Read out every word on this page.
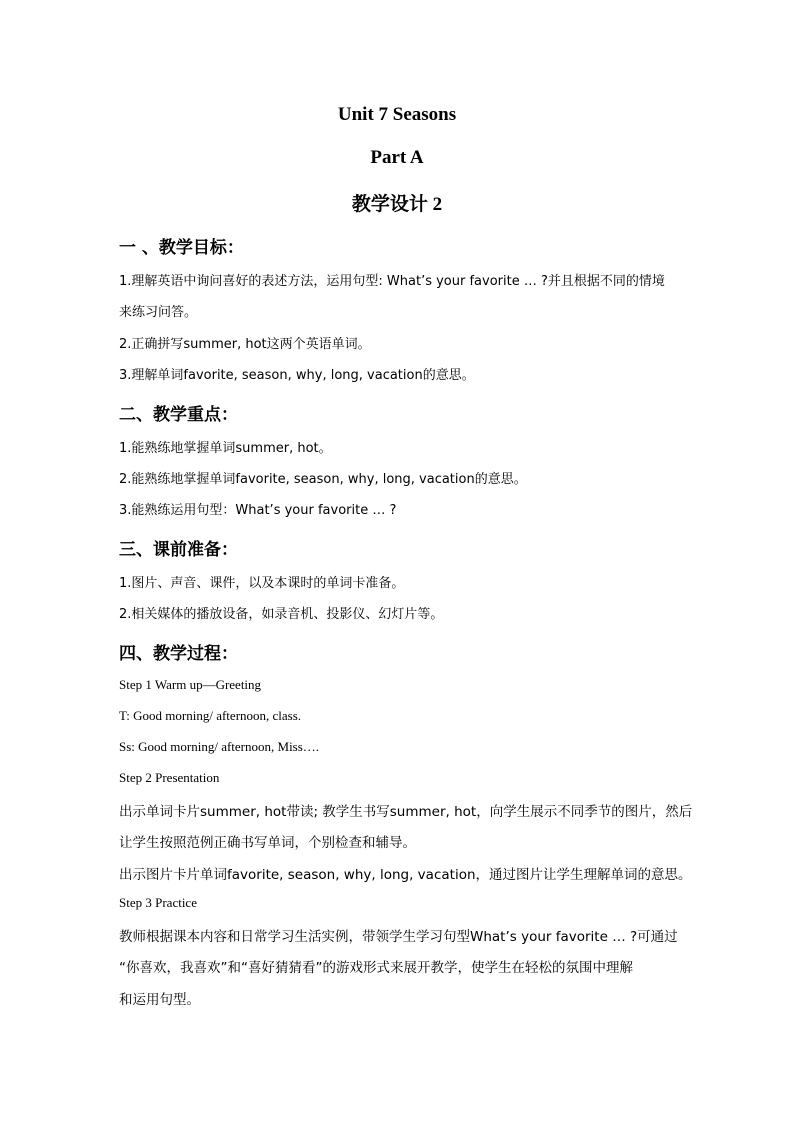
Unit 7 Seasons
Part A
教学设计 2
一 、教学目标：
1.理解英语中询问喜好的表述方法，运用句型: What’s your favorite … ?并且根据不同的情境
来练习问答。
2.正确拼写summer, hot这两个英语单词。
3.理解单词favorite, season, why, long, vacation的意思。
二、教学重点：
1.能熟练地掌握单词summer, hot。
2.能熟练地掌握单词favorite, season, why, long, vacation的意思。
3.能熟练运用句型：What’s your favorite … ?
三、课前准备：
1.图片、声音、课件，以及本课时的单词卡准备。
2.相关媒体的播放设备，如录音机、投影仪、幻灯片等。
四、教学过程：
Step 1 Warm up—Greeting
T: Good morning/ afternoon, class.
Ss: Good morning/ afternoon, Miss….
Step 2 Presentation
出示单词卡片summer, hot带读; 教学生书写summer, hot，向学生展示不同季节的图片，然后
让学生按照范例正确书写单词，个别检查和辅导。
出示图片卡片单词favorite, season, why, long, vacation，通过图片让学生理解单词的意思。
Step 3 Practice
教师根据课本内容和日常学习生活实例，带领学生学习句型What’s your favorite … ?可通过
“你喜欢，我喜欢”和“喜好猜猜看”的游戏形式来展开教学，使学生在轻松的氛围中理解
和运用句型。
